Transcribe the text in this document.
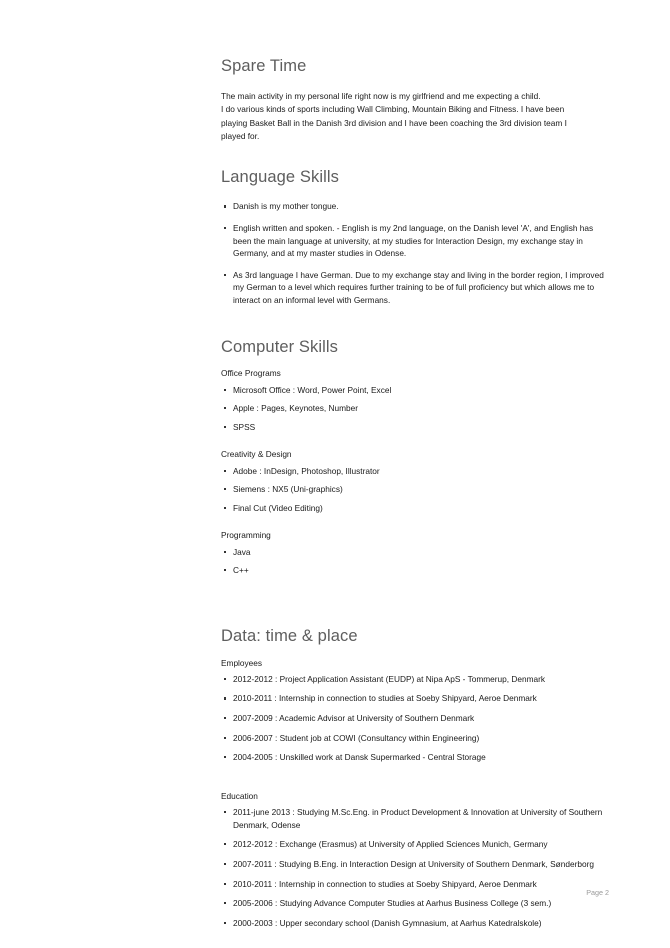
Spare Time

The main activity in my personal life right now is my girlfriend and me expecting a child.
I do various kinds of sports including Wall Climbing, Mountain Biking and Fitness. I have been
playing Basket Ball in the Danish 3rd division and I have been coaching the 3rd division team I
played for.

Language Skills
Danish is my mother tongue.
English written and spoken. - English is my 2nd language, on the Danish level 'A', and English has been the main language at university, at my studies for Interaction Design, my exchange stay in Germany, and at my master studies in Odense.
As 3rd language I have German. Due to my exchange stay and living in the border region, I improved my German to a level which requires further training to be of full proficiency but which allows me to interact on an informal level with Germans.
Computer Skills
Office Programs
Microsoft Office : Word, Power Point, Excel
Apple : Pages, Keynotes, Number
SPSS
Creativity & Design
Adobe : InDesign, Photoshop, Illustrator
Siemens : NX5 (Uni-graphics)
Final Cut (Video Editing)
Programming
Java
C++
Data: time & place
Employees
2012-2012 : Project Application Assistant (EUDP) at Nipa ApS - Tommerup, Denmark
2010-2011 : Internship in connection to studies at Soeby Shipyard, Aeroe Denmark
2007-2009 : Academic Advisor at University of Southern Denmark
2006-2007 : Student job at COWI (Consultancy within Engineering)
2004-2005 : Unskilled work at Dansk Supermarked - Central Storage
Education
2011-june 2013 : Studying M.Sc.Eng. in Product Development & Innovation at University of Southern Denmark, Odense
2012-2012 : Exchange (Erasmus) at University of Applied Sciences Munich, Germany
2007-2011 : Studying B.Eng. in Interaction Design at University of Southern Denmark, Sønderborg
2010-2011 : Internship in connection to studies at Soeby Shipyard, Aeroe Denmark
2005-2006 : Studying Advance Computer Studies at Aarhus Business College (3 sem.)
2000-2003 : Upper secondary school (Danish Gymnasium, at Aarhus Katedralskole)
Page 2
